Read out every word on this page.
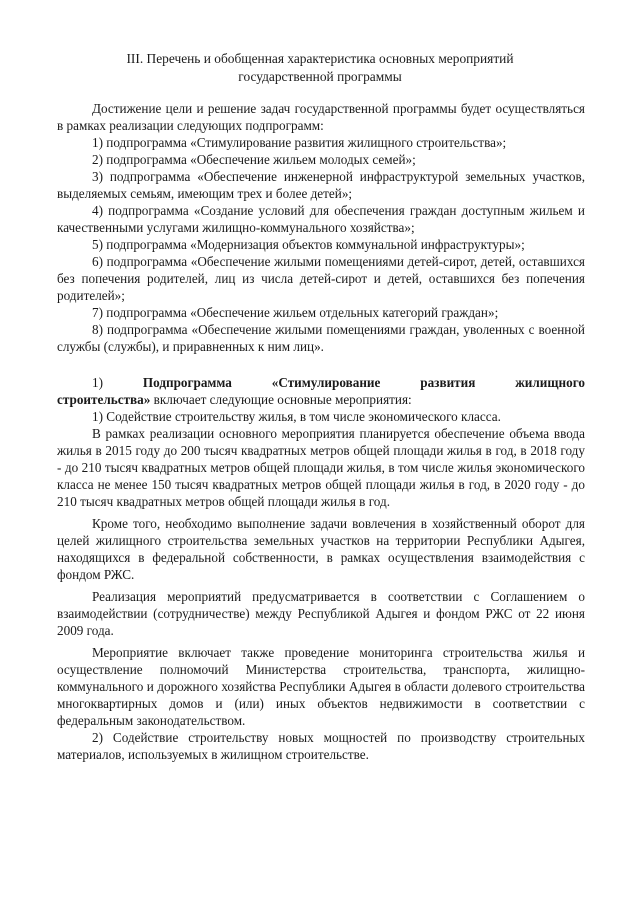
III. Перечень и обобщенная характеристика основных мероприятий
государственной программы

Достижение цели и решение задач государственной программы будет осуществляться в рамках реализации следующих подпрограмм:

1) подпрограмма «Стимулирование развития жилищного строительства»;

2) подпрограмма «Обеспечение жильем молодых семей»;

3) подпрограмма «Обеспечение инженерной инфраструктурой земельных участков, выделяемых семьям, имеющим трех и более детей»;

4) подпрограмма «Создание условий для обеспечения граждан доступным жильем и качественными услугами жилищно-коммунального хозяйства»;

5) подпрограмма «Модернизация объектов коммунальной инфраструктуры»;

6) подпрограмма «Обеспечение жилыми помещениями детей-сирот, детей, оставшихся без попечения родителей, лиц из числа детей-сирот и детей, оставшихся без попечения родителей»;

7) подпрограмма «Обеспечение жильем отдельных категорий граждан»;

8) подпрограмма «Обеспечение жилыми помещениями граждан, уволенных с военной службы (службы), и приравненных к ним лиц».

1)	Подпрограмма	«Стимулирование	развития	жилищного

строительства» включает следующие основные мероприятия:

1) Содействие строительству жилья, в том числе экономического класса.

В рамках реализации основного мероприятия планируется обеспечение объема ввода жилья в 2015 году до 200 тысяч квадратных метров общей площади жилья в год, в 2018 году - до 210 тысяч квадратных метров общей площади жилья, в том числе жилья экономического класса не менее 150 тысяч квадратных метров общей площади жилья в год, в 2020 году - до 210 тысяч квадратных метров общей площади жилья в год.

Кроме того, необходимо выполнение задачи вовлечения в хозяйственный оборот для целей жилищного строительства земельных участков на территории Республики Адыгея, находящихся в федеральной собственности, в рамках осуществления взаимодействия с фондом РЖС.

Реализация мероприятий предусматривается в соответствии с Соглашением о взаимодействии (сотрудничестве) между Республикой Адыгея и фондом РЖС от 22 июня 2009 года.

Мероприятие включает также проведение мониторинга строительства жилья и осуществление полномочий Министерства строительства, транспорта, жилищно-коммунального и дорожного хозяйства Республики Адыгея в области долевого строительства многоквартирных домов и (или) иных объектов недвижимости в соответствии с федеральным законодательством.

2) Содействие строительству новых мощностей по производству строительных материалов, используемых в жилищном строительстве.
